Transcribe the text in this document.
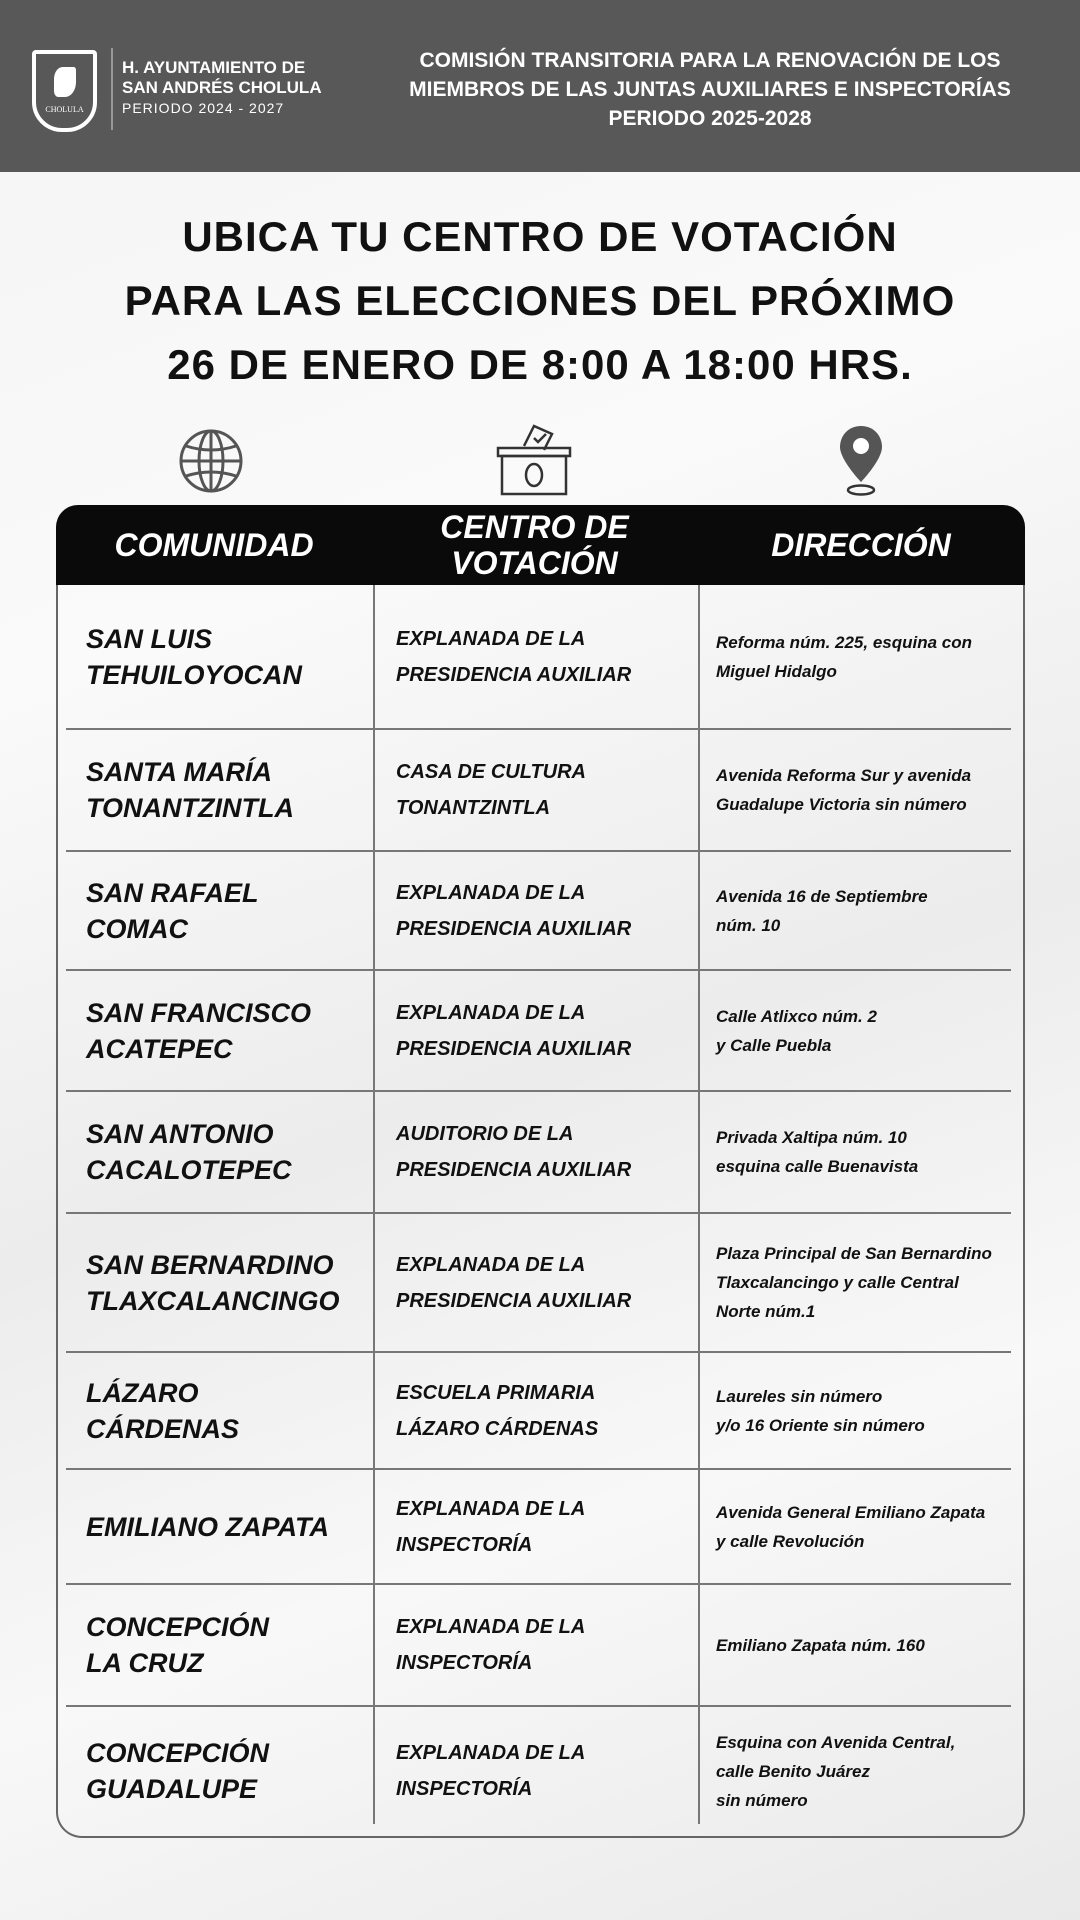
CHOLULA
H. AYUNTAMIENTO DE
SAN ANDRÉS CHOLULA
PERIODO 2024 - 2027
COMISIÓN TRANSITORIA PARA LA RENOVACIÓN DE LOS
MIEMBROS DE LAS JUNTAS AUXILIARES E INSPECTORÍAS
PERIODO 2025-2028
UBICA TU CENTRO DE VOTACIÓN
PARA LAS ELECCIONES DEL PRÓXIMO
26 DE ENERO DE 8:00 A 18:00 HRS.
COMUNIDAD	CENTRO DE
VOTACIÓN	DIRECCIÓN
SAN LUIS
TEHUILOYOCAN
EXPLANADA DE LA
PRESIDENCIA AUXILIAR
Reforma núm. 225, esquina con
Miguel Hidalgo
SANTA MARÍA
TONANTZINTLA
CASA DE CULTURA
TONANTZINTLA
Avenida Reforma Sur y avenida
Guadalupe Victoria sin número
SAN RAFAEL
COMAC
EXPLANADA DE LA
PRESIDENCIA AUXILIAR
Avenida 16 de Septiembre
núm. 10
SAN FRANCISCO
ACATEPEC
EXPLANADA DE LA
PRESIDENCIA AUXILIAR
Calle Atlixco núm. 2
y Calle Puebla
SAN ANTONIO
CACALOTEPEC
AUDITORIO DE LA
PRESIDENCIA AUXILIAR
Privada Xaltipa núm. 10
esquina calle Buenavista
SAN BERNARDINO
TLAXCALANCINGO
EXPLANADA DE LA
PRESIDENCIA AUXILIAR
Plaza Principal de San Bernardino
Tlaxcalancingo y calle Central
Norte núm.1
LÁZARO
CÁRDENAS
ESCUELA PRIMARIA
LÁZARO CÁRDENAS
Laureles sin número
y/o 16 Oriente sin número
EMILIANO ZAPATA
EXPLANADA DE LA
INSPECTORÍA
Avenida General Emiliano Zapata
y calle Revolución
CONCEPCIÓN
LA CRUZ
EXPLANADA DE LA
INSPECTORÍA
Emiliano Zapata núm. 160
CONCEPCIÓN
GUADALUPE
EXPLANADA DE LA
INSPECTORÍA
Esquina con Avenida Central,
calle Benito Juárez
sin número
